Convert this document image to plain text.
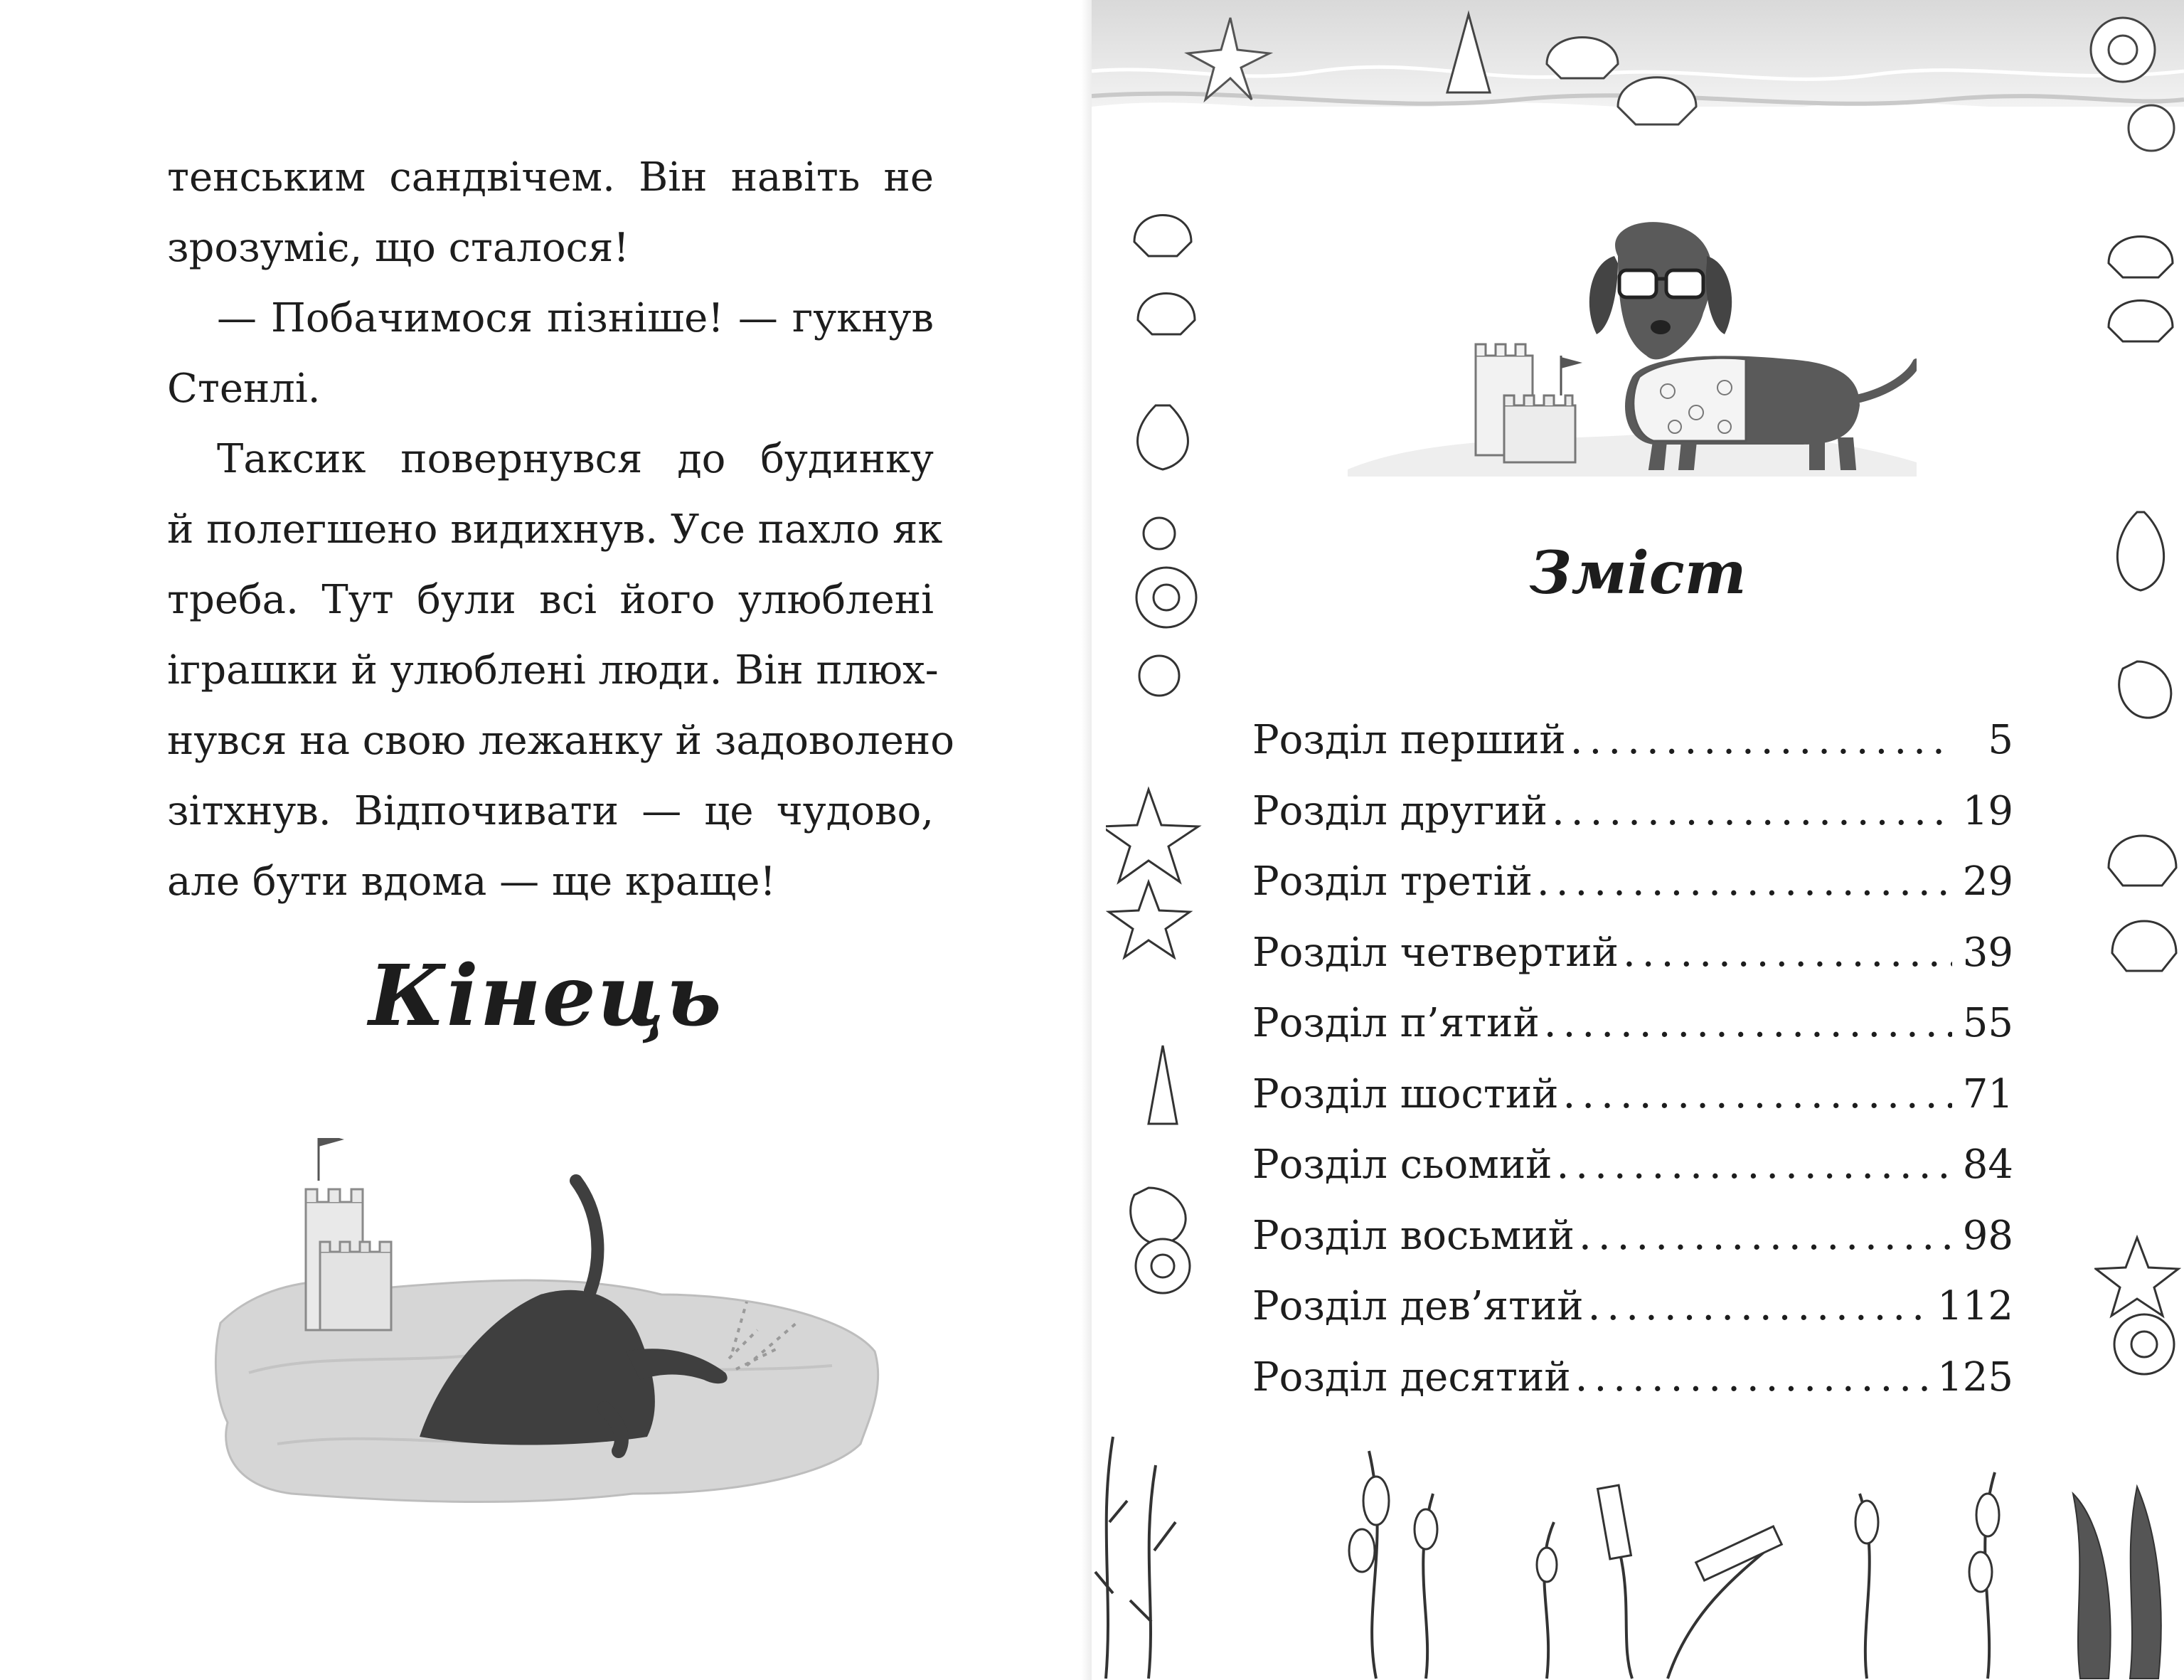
тенським сандвічем. Він навіть не
зрозуміє, що сталося!
— Побачимося пізніше! — гукнув
Стенлі.
Таксик повернувся до будинку
й полегшено видихнув. Усе пахло як
треба. Тут були всі його улюблені
іграшки й улюблені люди. Він плюх-
нувся на свою лежанку й задоволено
зітхнув. Відпочивати — це чудово,
але бути вдома — ще краще!
Кінець
Зміст
Розділ перший .....	5
Розділ другий .....	19
Розділ третій .....	29
Розділ четвертий .....	39
Розділ п’ятий .....	55
Розділ шостий .....	71
Розділ сьомий .....	84
Розділ восьмий .....	98
Розділ дев’ятий .....	112
Розділ десятий .....	125
